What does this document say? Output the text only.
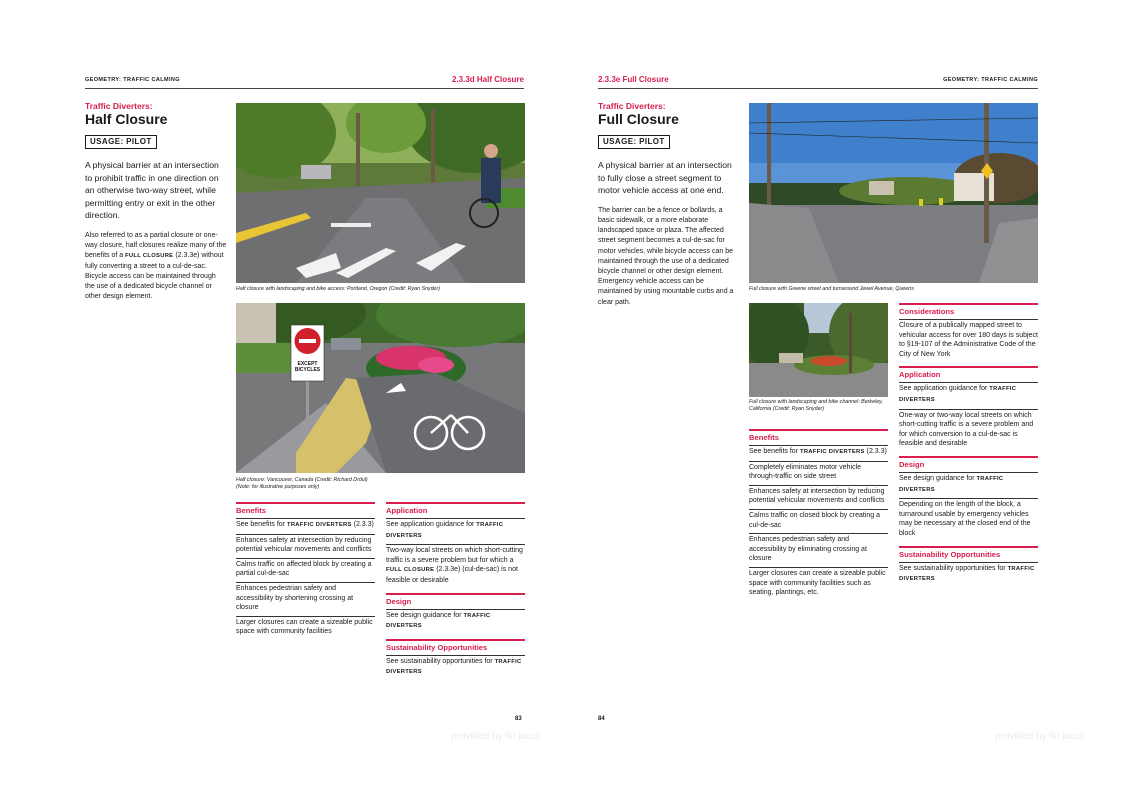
GEOMETRY: TRAFFIC CALMING	2.3.3d Half Closure
Traffic Diverters:
Half Closure
USAGE: PILOT
A physical barrier at an intersection to prohibit traffic in one direction on an otherwise two-way street, while permitting entry or exit in the other direction.
Also referred to as a partial closure or one-way closure, half closures realize many of the benefits of a FULL CLOSURE (2.3.3e) without fully converting a street to a cul-de-sac. Bicycle access can be maintained through the use of a dedicated bicycle channel or other design element.
Half closure with landscaping and bike access: Portland, Oregon (Credit: Ryan Snyder)
EXCEPT
BICYCLES
Half closure: Vancouver, Canada (Credit: Richard Drdul)
(Note: for illustrative purposes only)
Benefits
See benefits for TRAFFIC DIVERTERS (2.3.3)
Enhances safety at intersection by reducing potential vehicular movements and conflicts
Calms traffic on affected block by creating a partial cul-de-sac
Enhances pedestrian safety and accessibility by shortening crossing at closure
Larger closures can create a sizeable public space with community facilities
Application
See application guidance for TRAFFIC DIVERTERS
Two-way local streets on which short-cutting traffic is a severe problem but for which a FULL CLOSURE (2.3.3e) (cul-de-sac) is not feasible or desirable
Design
See design guidance for TRAFFIC DIVERTERS
Sustainability Opportunities
See sustainability opportunities for TRAFFIC DIVERTERS
83
provided by liu jiacai
2.3.3e Full Closure	GEOMETRY: TRAFFIC CALMING
Traffic Diverters:
Full Closure
USAGE: PILOT
A physical barrier at an intersection to fully close a street segment to motor vehicle access at one end.
The barrier can be a fence or bollards, a basic sidewalk, or a more elaborate landscaped space or plaza. The affected street segment becomes a cul-de-sac for motor vehicles, while bicycle access can be maintained through the use of a dedicated bicycle channel or other design element. Emergency vehicle access can be maintained by using mountable curbs and a clear path.
Full closure with Greene street and turnaround Jewel Avenue, Queens
Full closure with landscaping and bike channel: Berkeley, California (Credit: Ryan Snyder)
Benefits
See benefits for TRAFFIC DIVERTERS (2.3.3)
Completely eliminates motor vehicle through-traffic on side street
Enhances safety at intersection by reducing potential vehicular movements and conflicts
Calms traffic on closed block by creating a cul-de-sac
Enhances pedestrian safety and accessibility by eliminating crossing at closure
Larger closures can create a sizeable public space with community facilities such as seating, plantings, etc.
Considerations
Closure of a publically mapped street to vehicular access for over 180 days is subject to §19-107 of the Administrative Code of the City of New York
Application
See application guidance for TRAFFIC DIVERTERS
One-way or two-way local streets on which short-cutting traffic is a severe problem and for which conversion to a cul-de-sac is feasible and desirable
Design
See design guidance for TRAFFIC DIVERTERS
Depending on the length of the block, a turnaround usable by emergency vehicles may be necessary at the closed end of the block
Sustainability Opportunities
See sustainability opportunities for TRAFFIC DIVERTERS
84
provided by liu jiacai
